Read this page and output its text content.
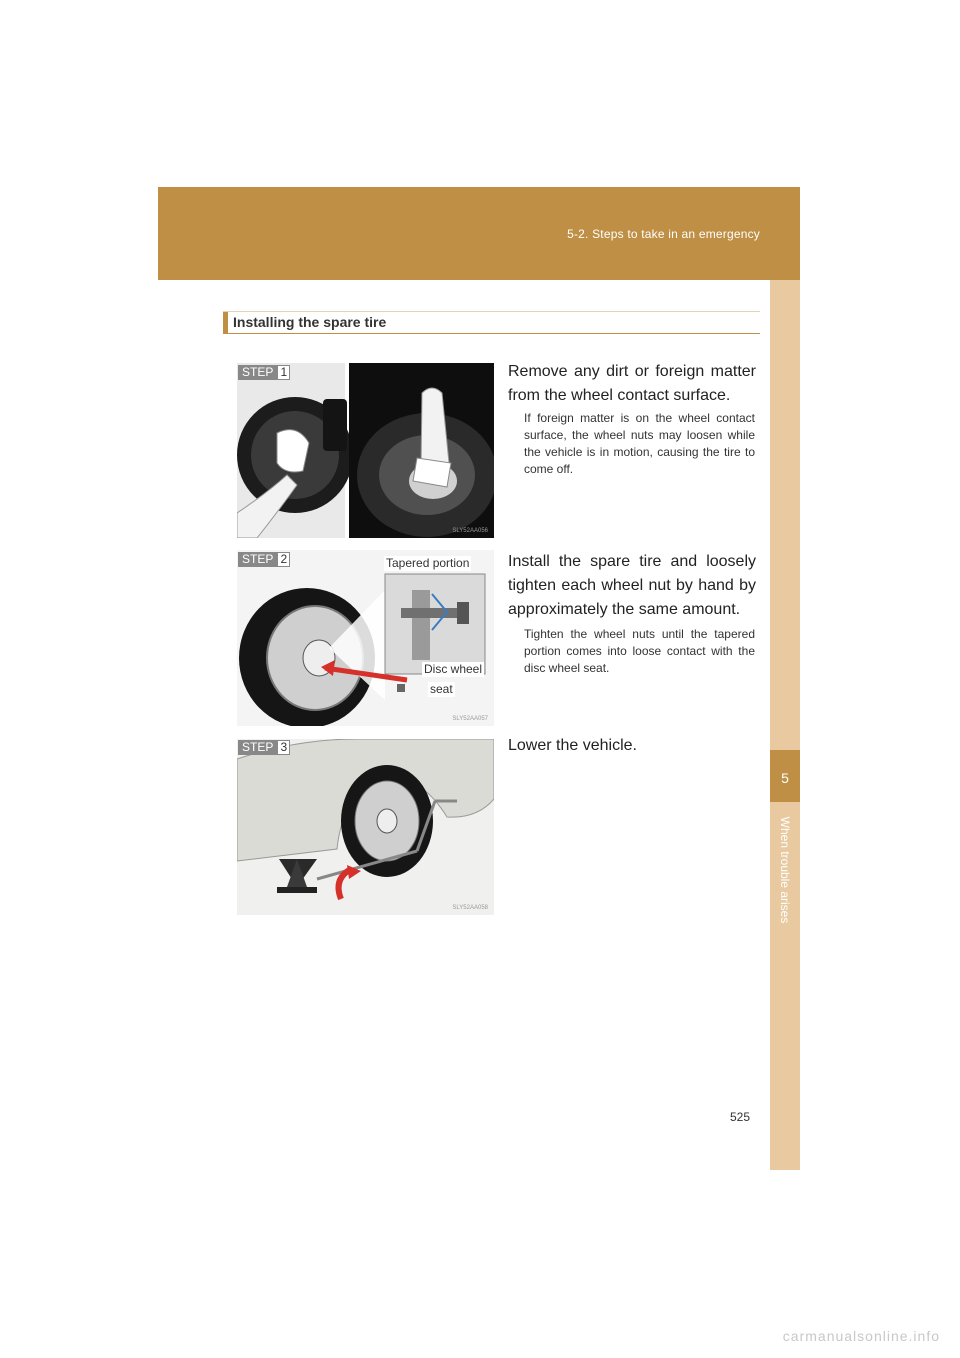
5-2. Steps to take in an emergency
5
When trouble arises
Installing the spare tire
STEP 1
SLY52AA056
Remove any dirt or foreign matter from the wheel contact surface.
If foreign matter is on the wheel contact surface, the wheel nuts may loosen while the vehicle is in motion, causing the tire to come off.
STEP 2
SLY52AA057
Tapered portion
Disc wheel
seat
Install the spare tire and loosely tighten each wheel nut by hand by approximately the same amount.
Tighten the wheel nuts until the tapered portion comes into loose contact with the disc wheel seat.
STEP 3
SLY52AA058
Lower the vehicle.
525
carmanualsonline.info
